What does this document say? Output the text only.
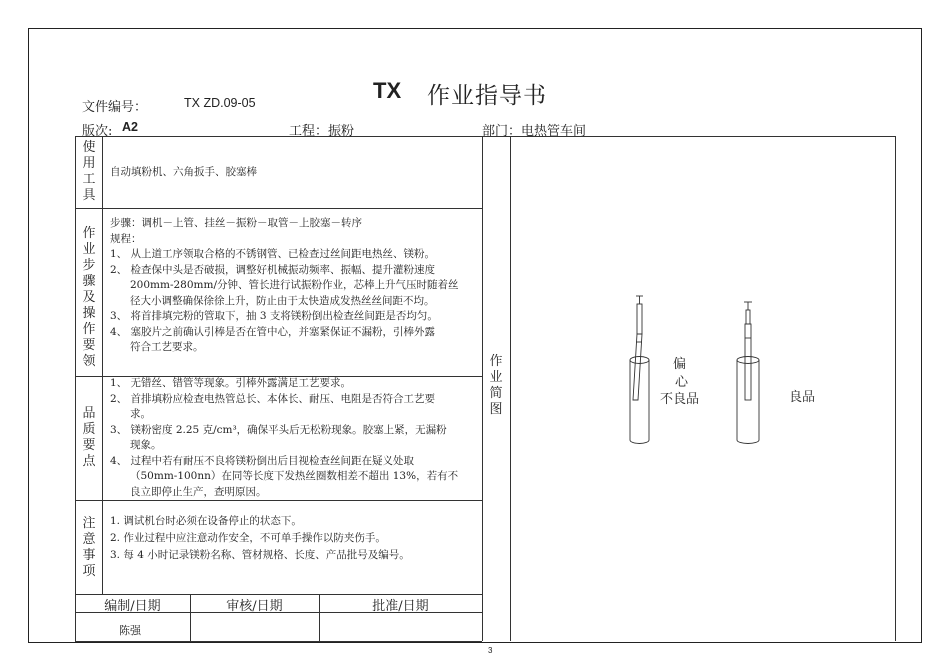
TX 作业指导书
文件编号：	TX ZD.09-05
版次: A2	工程：振粉	部门：电热管车间
使用工具
自动填粉机、六角扳手、胶塞棒
作业步骤及操作要领
步骤：调机－上管、挂丝－振粉－取管－上胶塞－转序
规程：
1、 从上道工序领取合格的不锈钢管、已检查过丝间距电热丝、镁粉。
2、 检查保中头是否破损，调整好机械振动频率、振幅、提升灌粉速度
200mm-280mm/分钟、管长进行试振粉作业，芯棒上升气压时随着丝
径大小调整确保徐徐上升，防止由于太快造成发热丝丝间距不均。
3、 将首排填完粉的管取下，抽 3 支将镁粉倒出检查丝间距是否均匀。
4、 塞胶片之前确认引棒是否在管中心，并塞紧保证不漏粉，引棒外露
符合工艺要求。
品质要点
1、 无错丝、错管等现象。引棒外露满足工艺要求。
2、 首排填粉应检查电热管总长、本体长、耐压、电阻是否符合工艺要
求。
3、 镁粉密度 2.25 克/cm³，确保平头后无松粉现象。胶塞上紧，无漏粉
现象。
4、 过程中若有耐压不良将镁粉倒出后目视检查丝间距在疑义处取
（50mm-100nn）在同等长度下发热丝圈数相差不超出 13%，若有不
良立即停止生产，查明原因。
注意事项
1. 调试机台时必须在设备停止的状态下。
2. 作业过程中应注意动作安全，不可单手操作以防夹伤手。
3. 每 4 小时记录镁粉名称、管材规格、长度、产品批号及编号。
作业简图
偏
心
不良品	良品
编制/日期	审核/日期	批准/日期
陈强
3
